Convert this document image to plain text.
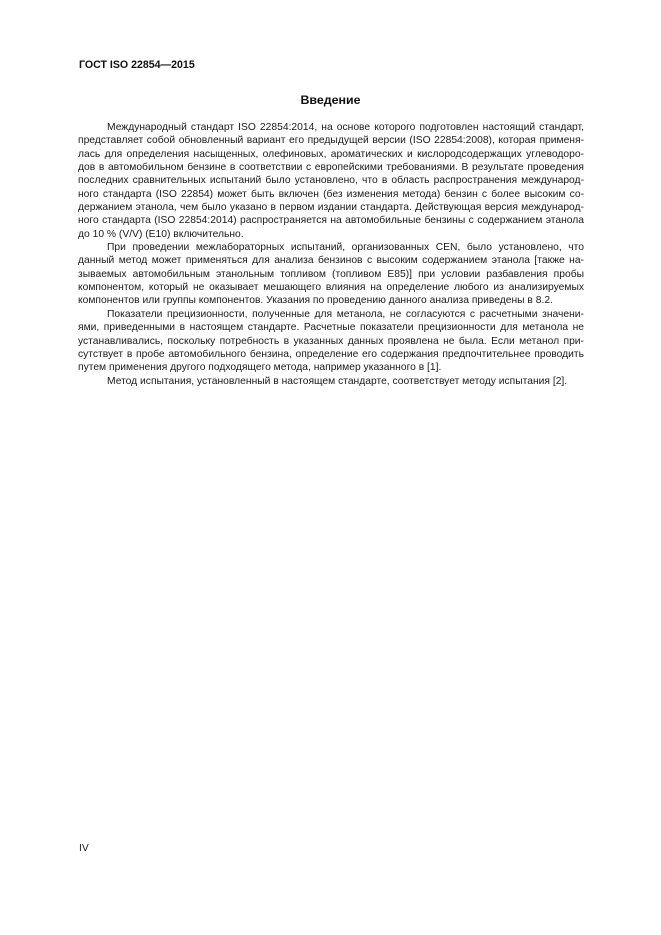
ГОСТ ISO 22854—2015
Введение
Международный стандарт ISO 22854:2014, на основе которого подготовлен настоящий стандарт,
представляет собой обновленный вариант его предыдущей версии (ISO 22854:2008), которая применя-
лась для определения насыщенных, олефиновых, ароматических и кислородсодержащих углеводоро-
дов в автомобильном бензине в соответствии с европейскими требованиями. В результате проведения
последних сравнительных испытаний было установлено, что в область распространения международ-
ного стандарта (ISO 22854) может быть включен (без изменения метода) бензин с более высоким со-
держанием этанола, чем было указано в первом издании стандарта. Действующая версия международ-
ного стандарта (ISO 22854:2014) распространяется на автомобильные бензины с содержанием этанола
до 10 % (V/V) (E10) включительно.
При проведении межлабораторных испытаний, организованных CEN, было установлено, что
данный метод может применяться для анализа бензинов с высоким содержанием этанола [также на-
зываемых автомобильным этанольным топливом (топливом E85)] при условии разбавления пробы
компонентом, который не оказывает мешающего влияния на определение любого из анализируемых
компонентов или группы компонентов. Указания по проведению данного анализа приведены в 8.2.
Показатели прецизионности, полученные для метанола, не согласуются с расчетными значени-
ями, приведенными в настоящем стандарте. Расчетные показатели прецизионности для метанола не
устанавливались, поскольку потребность в указанных данных проявлена не была. Если метанол при-
сутствует в пробе автомобильного бензина, определение его содержания предпочтительнее проводить
путем применения другого подходящего метода, например указанного в [1].
Метод испытания, установленный в настоящем стандарте, соответствует методу испытания [2].
IV
